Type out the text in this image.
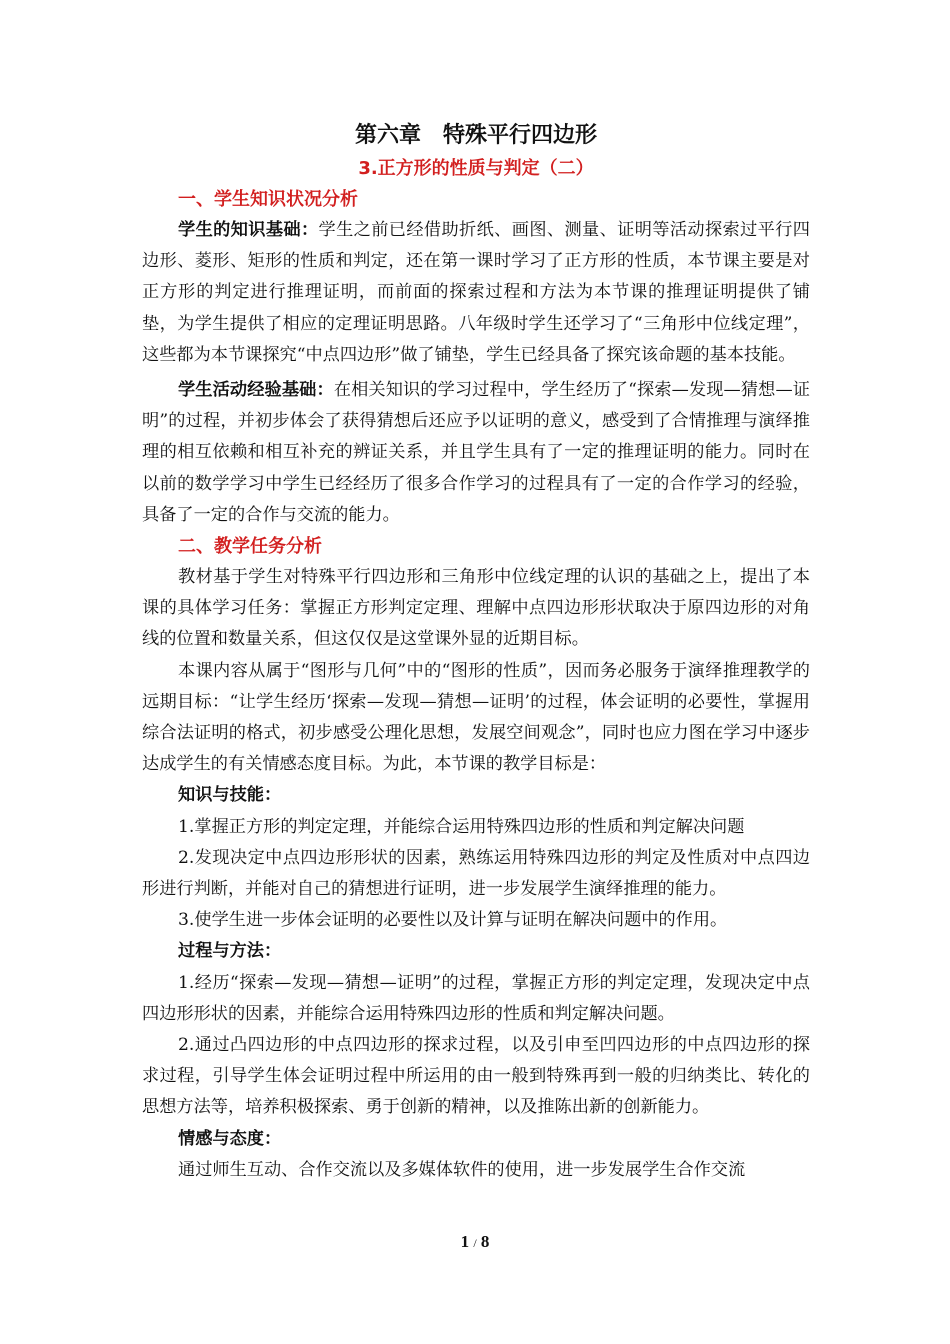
第六章　特殊平行四边形
3.正方形的性质与判定（二）
一、学生知识状况分析

学生的知识基础：学生之前已经借助折纸、画图、测量、证明等活动探索过平行四边形、菱形、矩形的性质和判定，还在第一课时学习了正方形的性质，本节课主要是对正方形的判定进行推理证明，而前面的探索过程和方法为本节课的推理证明提供了铺垫，为学生提供了相应的定理证明思路。八年级时学生还学习了“三角形中位线定理”，这些都为本节课探究“中点四边形”做了铺垫，学生已经具备了探究该命题的基本技能。

学生活动经验基础：在相关知识的学习过程中，学生经历了“探索—发现—猜想—证明”的过程，并初步体会了获得猜想后还应予以证明的意义，感受到了合情推理与演绎推理的相互依赖和相互补充的辨证关系，并且学生具有了一定的推理证明的能力。同时在以前的数学学习中学生已经经历了很多合作学习的过程具有了一定的合作学习的经验，具备了一定的合作与交流的能力。

二、教学任务分析

教材基于学生对特殊平行四边形和三角形中位线定理的认识的基础之上，提出了本课的具体学习任务：掌握正方形判定定理、理解中点四边形形状取决于原四边形的对角线的位置和数量关系，但这仅仅是这堂课外显的近期目标。

本课内容从属于“图形与几何”中的“图形的性质”，因而务必服务于演绎推理教学的远期目标：“让学生经历‘探索—发现—猜想—证明’的过程，体会证明的必要性，掌握用综合法证明的格式，初步感受公理化思想，发展空间观念”，同时也应力图在学习中逐步达成学生的有关情感态度目标。为此，本节课的教学目标是：

知识与技能：

1.掌握正方形的判定定理，并能综合运用特殊四边形的性质和判定解决问题

2.发现决定中点四边形形状的因素，熟练运用特殊四边形的判定及性质对中点四边形进行判断，并能对自己的猜想进行证明，进一步发展学生演绎推理的能力。

3.使学生进一步体会证明的必要性以及计算与证明在解决问题中的作用。

过程与方法：

1.经历“探索—发现—猜想—证明”的过程，掌握正方形的判定定理，发现决定中点四边形形状的因素，并能综合运用特殊四边形的性质和判定解决问题。

2.通过凸四边形的中点四边形的探求过程，以及引申至凹四边形的中点四边形的探求过程，引导学生体会证明过程中所运用的由一般到特殊再到一般的归纳类比、转化的思想方法等，培养积极探索、勇于创新的精神，以及推陈出新的创新能力。

情感与态度：

通过师生互动、合作交流以及多媒体软件的使用，进一步发展学生合作交流

1 / 8
